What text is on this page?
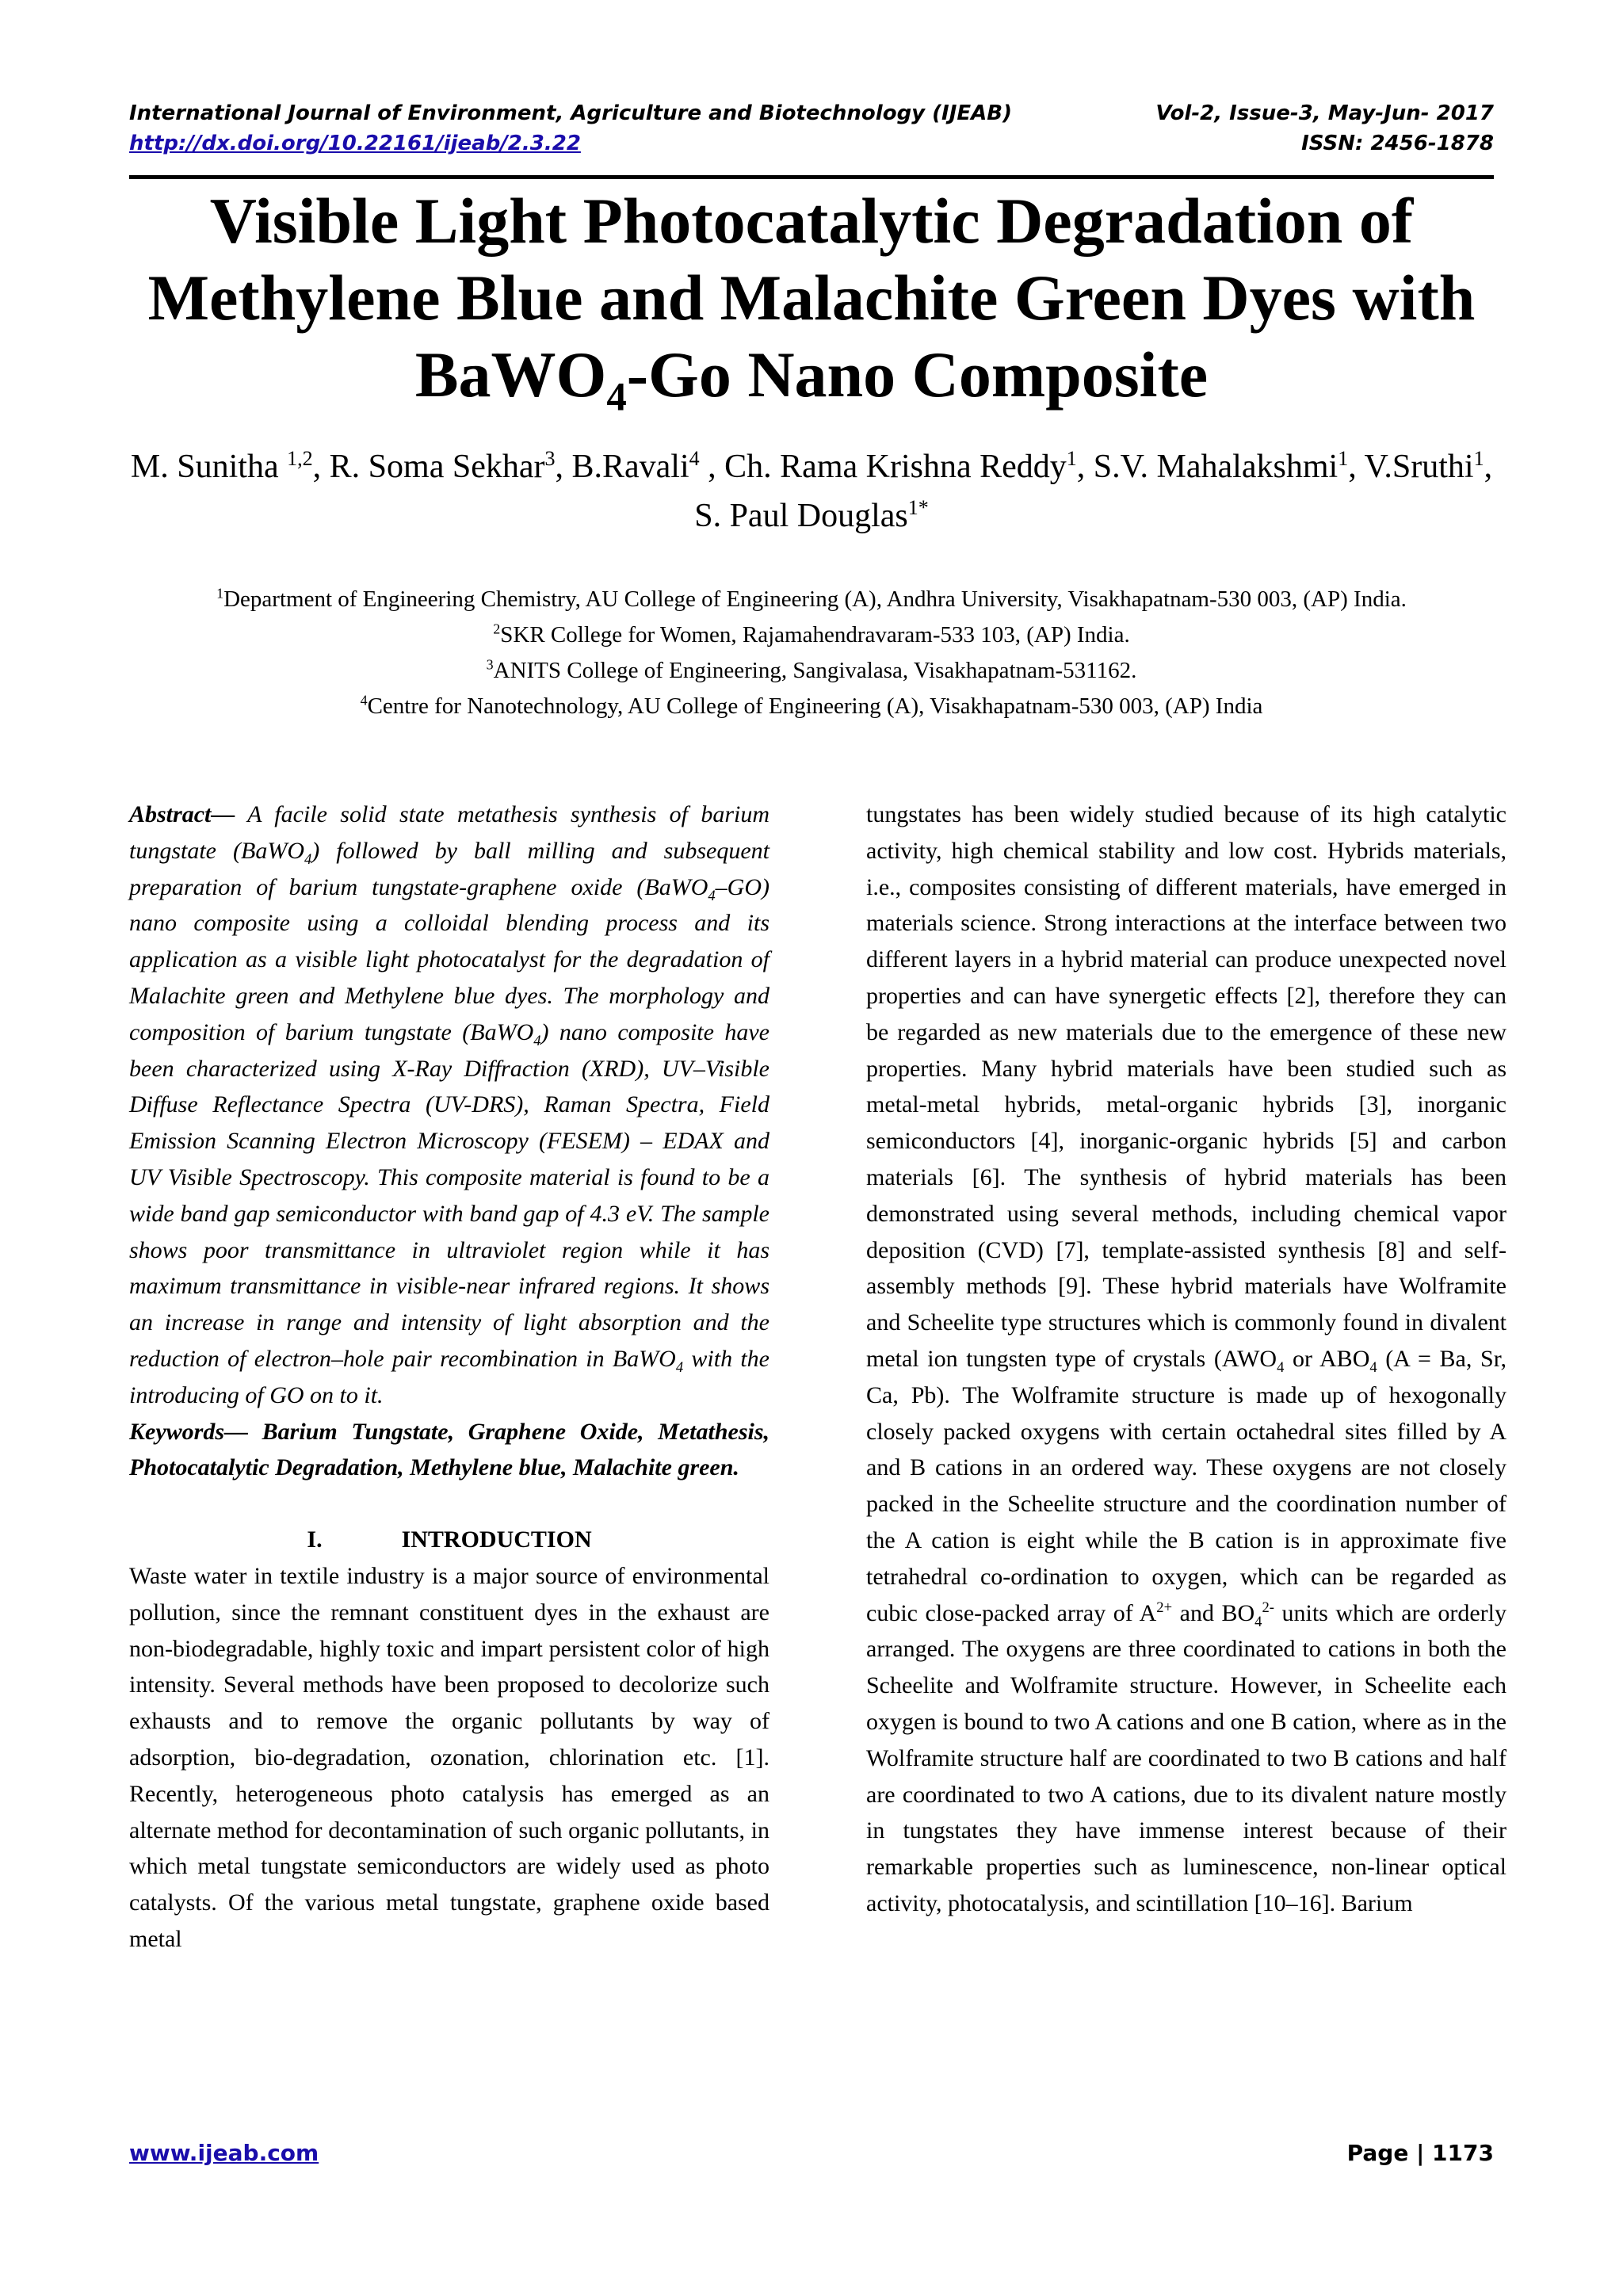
International Journal of Environment, Agriculture and Biotechnology (IJEAB)
http://dx.doi.org/10.22161/ijeab/2.3.22
Vol-2, Issue-3, May-Jun- 2017
ISSN: 2456-1878
Visible Light Photocatalytic Degradation of Methylene Blue and Malachite Green Dyes with BaWO$_4$-Go Nano Composite
M. Sunitha $^{1,2}$, R. Soma Sekhar$^3$, B.Ravali$^4$ , Ch. Rama Krishna Reddy$^1$, S.V. Mahalakshmi$^1$, V.Sruthi$^1$, S. Paul Douglas$^{1*}$
$^1$Department of Engineering Chemistry, AU College of Engineering (A), Andhra University, Visakhapatnam-530 003, (AP) India.
$^2$SKR College for Women, Rajamahendravaram-533 103, (AP) India.
$^3$ANITS College of Engineering, Sangivalasa, Visakhapatnam-531162.
$^4$Centre for Nanotechnology, AU College of Engineering (A), Visakhapatnam-530 003, (AP) India

Abstract— A facile solid state metathesis synthesis of barium tungstate (BaWO$_4$) followed by ball milling and subsequent preparation of barium tungstate-graphene oxide (BaWO$_4$–GO) nano composite using a colloidal blending process and its application as a visible light photocatalyst for the degradation of Malachite green and Methylene blue dyes. The morphology and composition of barium tungstate (BaWO$_4$) nano composite have been characterized using X-Ray Diffraction (XRD), UV–Visible Diffuse Reflectance Spectra (UV-DRS), Raman Spectra, Field Emission Scanning Electron Microscopy (FESEM) – EDAX and UV Visible Spectroscopy. This composite material is found to be a wide band gap semiconductor with band gap of 4.3 eV. The sample shows poor transmittance in ultraviolet region while it has maximum transmittance in visible-near infrared regions. It shows an increase in range and intensity of light absorption and the reduction of electron–hole pair recombination in BaWO$_4$ with the introducing of GO on to it.

Keywords— Barium Tungstate, Graphene Oxide, Metathesis, Photocatalytic Degradation, Methylene blue, Malachite green.

I.	INTRODUCTION

Waste water in textile industry is a major source of environmental pollution, since the remnant constituent dyes in the exhaust are non-biodegradable, highly toxic and impart persistent color of high intensity. Several methods have been proposed to decolorize such exhausts and to remove the organic pollutants by way of adsorption, bio-degradation, ozonation, chlorination etc. [1]. Recently, heterogeneous photo catalysis has emerged as an alternate method for decontamination of such organic pollutants, in which metal tungstate semiconductors are widely used as photo catalysts. Of the various metal tungstate, graphene oxide based metal

tungstates has been widely studied because of its high catalytic activity, high chemical stability and low cost. Hybrids materials, i.e., composites consisting of different materials, have emerged in materials science. Strong interactions at the interface between two different layers in a hybrid material can produce unexpected novel properties and can have synergetic effects [2], therefore they can be regarded as new materials due to the emergence of these new properties. Many hybrid materials have been studied such as metal-metal hybrids, metal-organic hybrids [3], inorganic semiconductors [4], inorganic-organic hybrids [5] and carbon materials [6]. The synthesis of hybrid materials has been demonstrated using several methods, including chemical vapor deposition (CVD) [7], template-assisted synthesis [8] and self-assembly methods [9]. These hybrid materials have Wolframite and Scheelite type structures which is commonly found in divalent metal ion tungsten type of crystals ($AWO_4$ or $ABO_4$ (A = Ba, Sr, Ca, Pb). The Wolframite structure is made up of hexogonally closely packed oxygens with certain octahedral sites filled by A and B cations in an ordered way. These oxygens are not closely packed in the Scheelite structure and the coordination number of the A cation is eight while the B cation is in approximate five tetrahedral co-ordination to oxygen, which can be regarded as cubic close-packed array of $A^{2+}$ and $BO_4^{2-}$ units which are orderly arranged. The oxygens are three coordinated to cations in both the Scheelite and Wolframite structure. However, in Scheelite each oxygen is bound to two A cations and one B cation, where as in the Wolframite structure half are coordinated to two B cations and half are coordinated to two A cations, due to its divalent nature mostly in tungstates they have immense interest because of their remarkable properties such as luminescence, non-linear optical activity, photocatalysis, and scintillation [10–16]. Barium

www.ijeab.com	Page | 1173
